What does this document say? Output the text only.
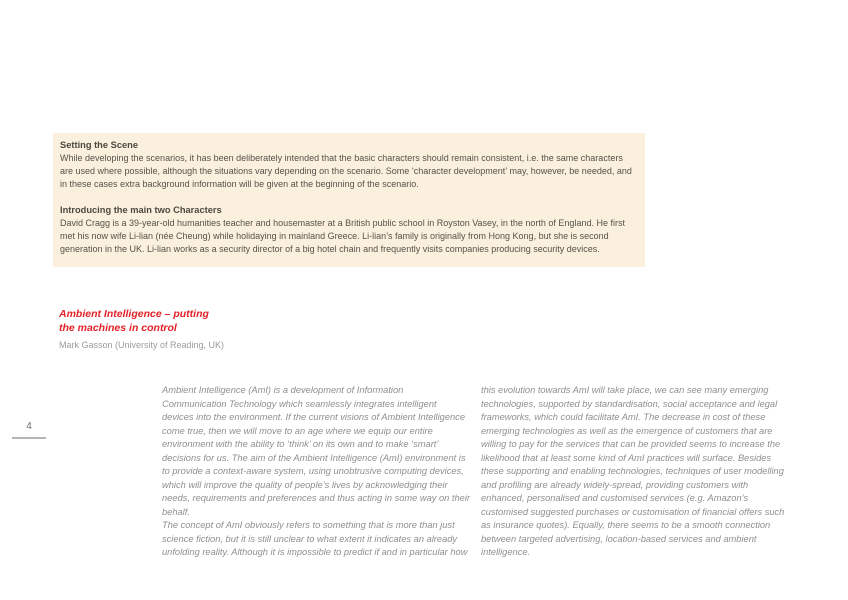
Setting the Scene

While developing the scenarios, it has been deliberately intended that the basic characters should remain consistent, i.e. the same characters are used where possible, although the situations vary depending on the scenario. Some ‘character development’ may, however, be needed, and in these cases extra background information will be given at the beginning of the scenario.

Introducing the main two Characters

David Cragg is a 39-year-old humanities teacher and housemaster at a British public school in Royston Vasey, in the north of England. He first met his now wife Li-lian (née Cheung) while holidaying in mainland Greece. Li-lian’s family is originally from Hong Kong, but she is second generation in the UK. Li-lian works as a security director of a big hotel chain and frequently visits companies producing security devices.

Ambient Intelligence – putting
the machines in control
Mark Gasson (University of Reading, UK)
4

Ambient Intelligence (AmI) is a development of Information Communication Technology which seamlessly integrates intelligent devices into the environment. If the current visions of Ambient Intelligence come true, then we will move to an age where we equip our entire environment with the ability to ‘think’ on its own and to make ‘smart’ decisions for us. The aim of the Ambient Intelligence (AmI) environment is to provide a context-aware system, using unobtrusive computing devices, which will improve the quality of people’s lives by acknowledging their needs, requirements and preferences and thus acting in some way on their behalf.

The concept of AmI obviously refers to something that is more than just science fiction, but it is still unclear to what extent it indicates an already unfolding reality. Although it is impossible to predict if and in particular how

this evolution towards AmI will take place, we can see many emerging technologies, supported by standardisation, social acceptance and legal frameworks, which could facilitate AmI. The decrease in cost of these emerging technologies as well as the emergence of customers that are willing to pay for the services that can be provided seems to increase the likelihood that at least some kind of AmI practices will surface. Besides these supporting and enabling technologies, techniques of user modelling and profiling are already widely-spread, providing customers with enhanced, personalised and customised services (e.g. Amazon’s customised suggested purchases or customisation of financial offers such as insurance quotes). Equally, there seems to be a smooth connection between targeted advertising, location-based services and ambient intelligence.
